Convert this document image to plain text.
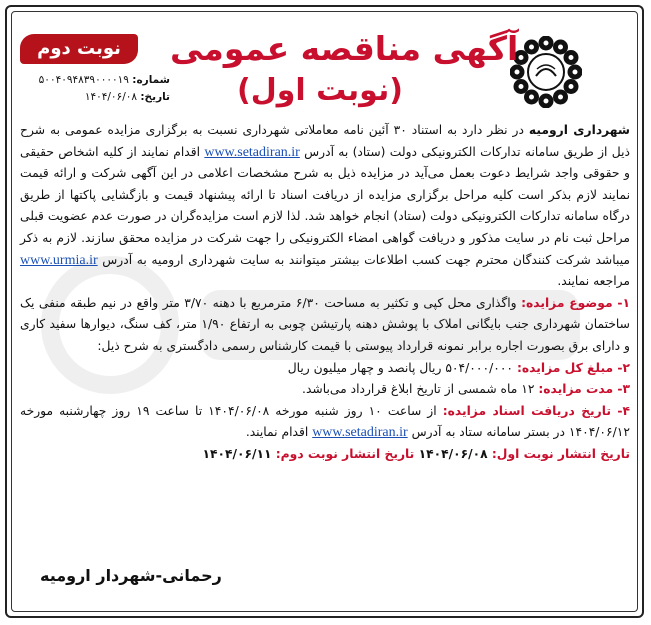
آگهی مناقصه عمومی
(نوبت اول)
نوبت دوم
شماره: ۵۰۰۴۰۹۴۸۳۹۰۰۰۰۱۹
تاریخ: ۱۴۰۴/۰۶/۰۸

شهرداری ارومیه در نظر دارد به استناد ۳۰ آئین نامه معاملاتی شهرداری نسبت به برگزاری مزایده عمومی به شرح ذیل از طریق سامانه تدارکات الکترونیکی دولت (ستاد) به آدرس www.setadiran.ir اقدام نمایند از کلیه اشخاص حقیقی و حقوقی واجد شرایط دعوت بعمل می‌آید در مزایده ذیل به شرح مشخصات اعلامی در این آگهی شرکت و ارائه قیمت نمایند لازم بذکر است کلیه مراحل برگزاری مزایده از دریافت اسناد تا ارائه پیشنهاد قیمت و بازگشایی پاکتها از طریق درگاه سامانه تدارکات الکترونیکی دولت (ستاد) انجام خواهد شد. لذا لازم است مزایده‌گران در صورت عدم عضویت قبلی مراحل ثبت نام در سایت مذکور و دریافت گواهی امضاء الکترونیکی را جهت شرکت در مزایده محقق سازند. لازم به ذکر میباشد شرکت کنندگان محترم جهت کسب اطلاعات بیشتر میتوانند به سایت شهرداری ارومیه به آدرس www.urmia.ir مراجعه نمایند.

۱- موضوع مزایده: واگذاری محل کپی و تکثیر به مساحت ۶/۳۰ مترمربع با دهنه ۳/۷۰ متر واقع در نیم طبقه منفی یک ساختمان شهرداری جنب بایگانی املاک با پوشش دهنه پارتیشن چوبی به ارتفاع ۱/۹۰ متر، کف سنگ، دیوارها سفید کاری و دارای برق بصورت اجاره برابر نمونه قرارداد پیوستی با قیمت کارشناس رسمی دادگستری به شرح ذیل:

۲- مبلغ کل مزایده: ۵۰۴/۰۰۰/۰۰۰ ریال پانصد و چهار میلیون ریال

۳- مدت مزایده: ۱۲ ماه شمسی از تاریخ ابلاغ قرارداد می‌باشد.

۴- تاریخ دریافت اسناد مزایده: از ساعت ۱۰ روز شنبه مورخه ۱۴۰۴/۰۶/۰۸ تا ساعت ۱۹ روز چهارشنبه مورخه ۱۴۰۴/۰۶/۱۲ در بستر سامانه ستاد به آدرس www.setadiran.ir اقدام نمایند.

تاریخ انتشار نوبت اول: ۱۴۰۴/۰۶/۰۸ تاریخ انتشار نوبت دوم: ۱۴۰۴/۰۶/۱۱

رحمانی-شهردار ارومیه
